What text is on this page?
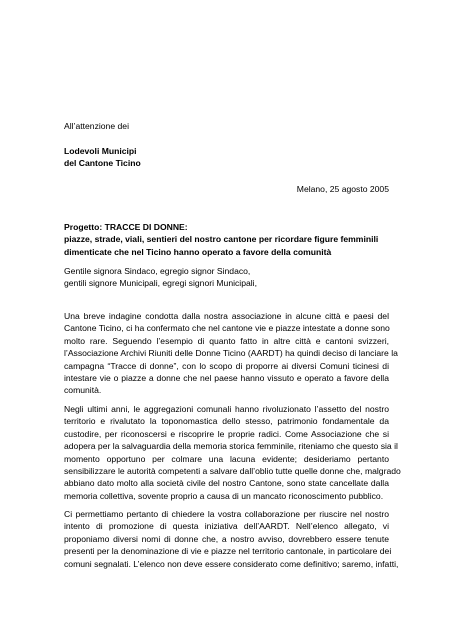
All’attenzione dei
Lodevoli Municipi
del Cantone Ticino
Melano, 25 agosto 2005
Progetto: TRACCE DI DONNE:
piazze, strade, viali, sentieri del nostro cantone per ricordare figure femminili
dimenticate che nel Ticino hanno operato a favore della comunità
Gentile signora Sindaco, egregio signor Sindaco,
gentili signore Municipali, egregi signori Municipali,
Una breve indagine condotta dalla nostra associazione in alcune città e paesi del
Cantone Ticino, ci ha confermato che nel cantone vie e piazze intestate a donne sono
molto rare. Seguendo l’esempio di quanto fatto in altre città e cantoni svizzeri,
l’Associazione Archivi Riuniti delle Donne Ticino (AARDT) ha quindi deciso di lanciare la
campagna “Tracce di donne”, con lo scopo di proporre ai diversi Comuni ticinesi di
intestare vie o piazze a donne che nel paese hanno vissuto e operato a favore della
comunità.
Negli ultimi anni, le aggregazioni comunali hanno rivoluzionato l’assetto del nostro
territorio e rivalutato la toponomastica dello stesso, patrimonio fondamentale da
custodire, per riconoscersi e riscoprire le proprie radici. Come Associazione che si
adopera per la salvaguardia della memoria storica femminile, riteniamo che questo sia il
momento opportuno per colmare una lacuna evidente; desideriamo pertanto
sensibilizzare le autorità competenti a salvare dall’oblio tutte quelle donne che, malgrado
abbiano dato molto alla società civile del nostro Cantone, sono state cancellate dalla
memoria collettiva, sovente proprio a causa di un mancato riconoscimento pubblico.
Ci permettiamo pertanto di chiedere la vostra collaborazione per riuscire nel nostro
intento di promozione di questa iniziativa dell’AARDT. Nell’elenco allegato, vi
proponiamo diversi nomi di donne che, a nostro avviso, dovrebbero essere tenute
presenti per la denominazione di vie e piazze nel territorio cantonale, in particolare dei
comuni segnalati. L’elenco non deve essere considerato come definitivo; saremo, infatti,
